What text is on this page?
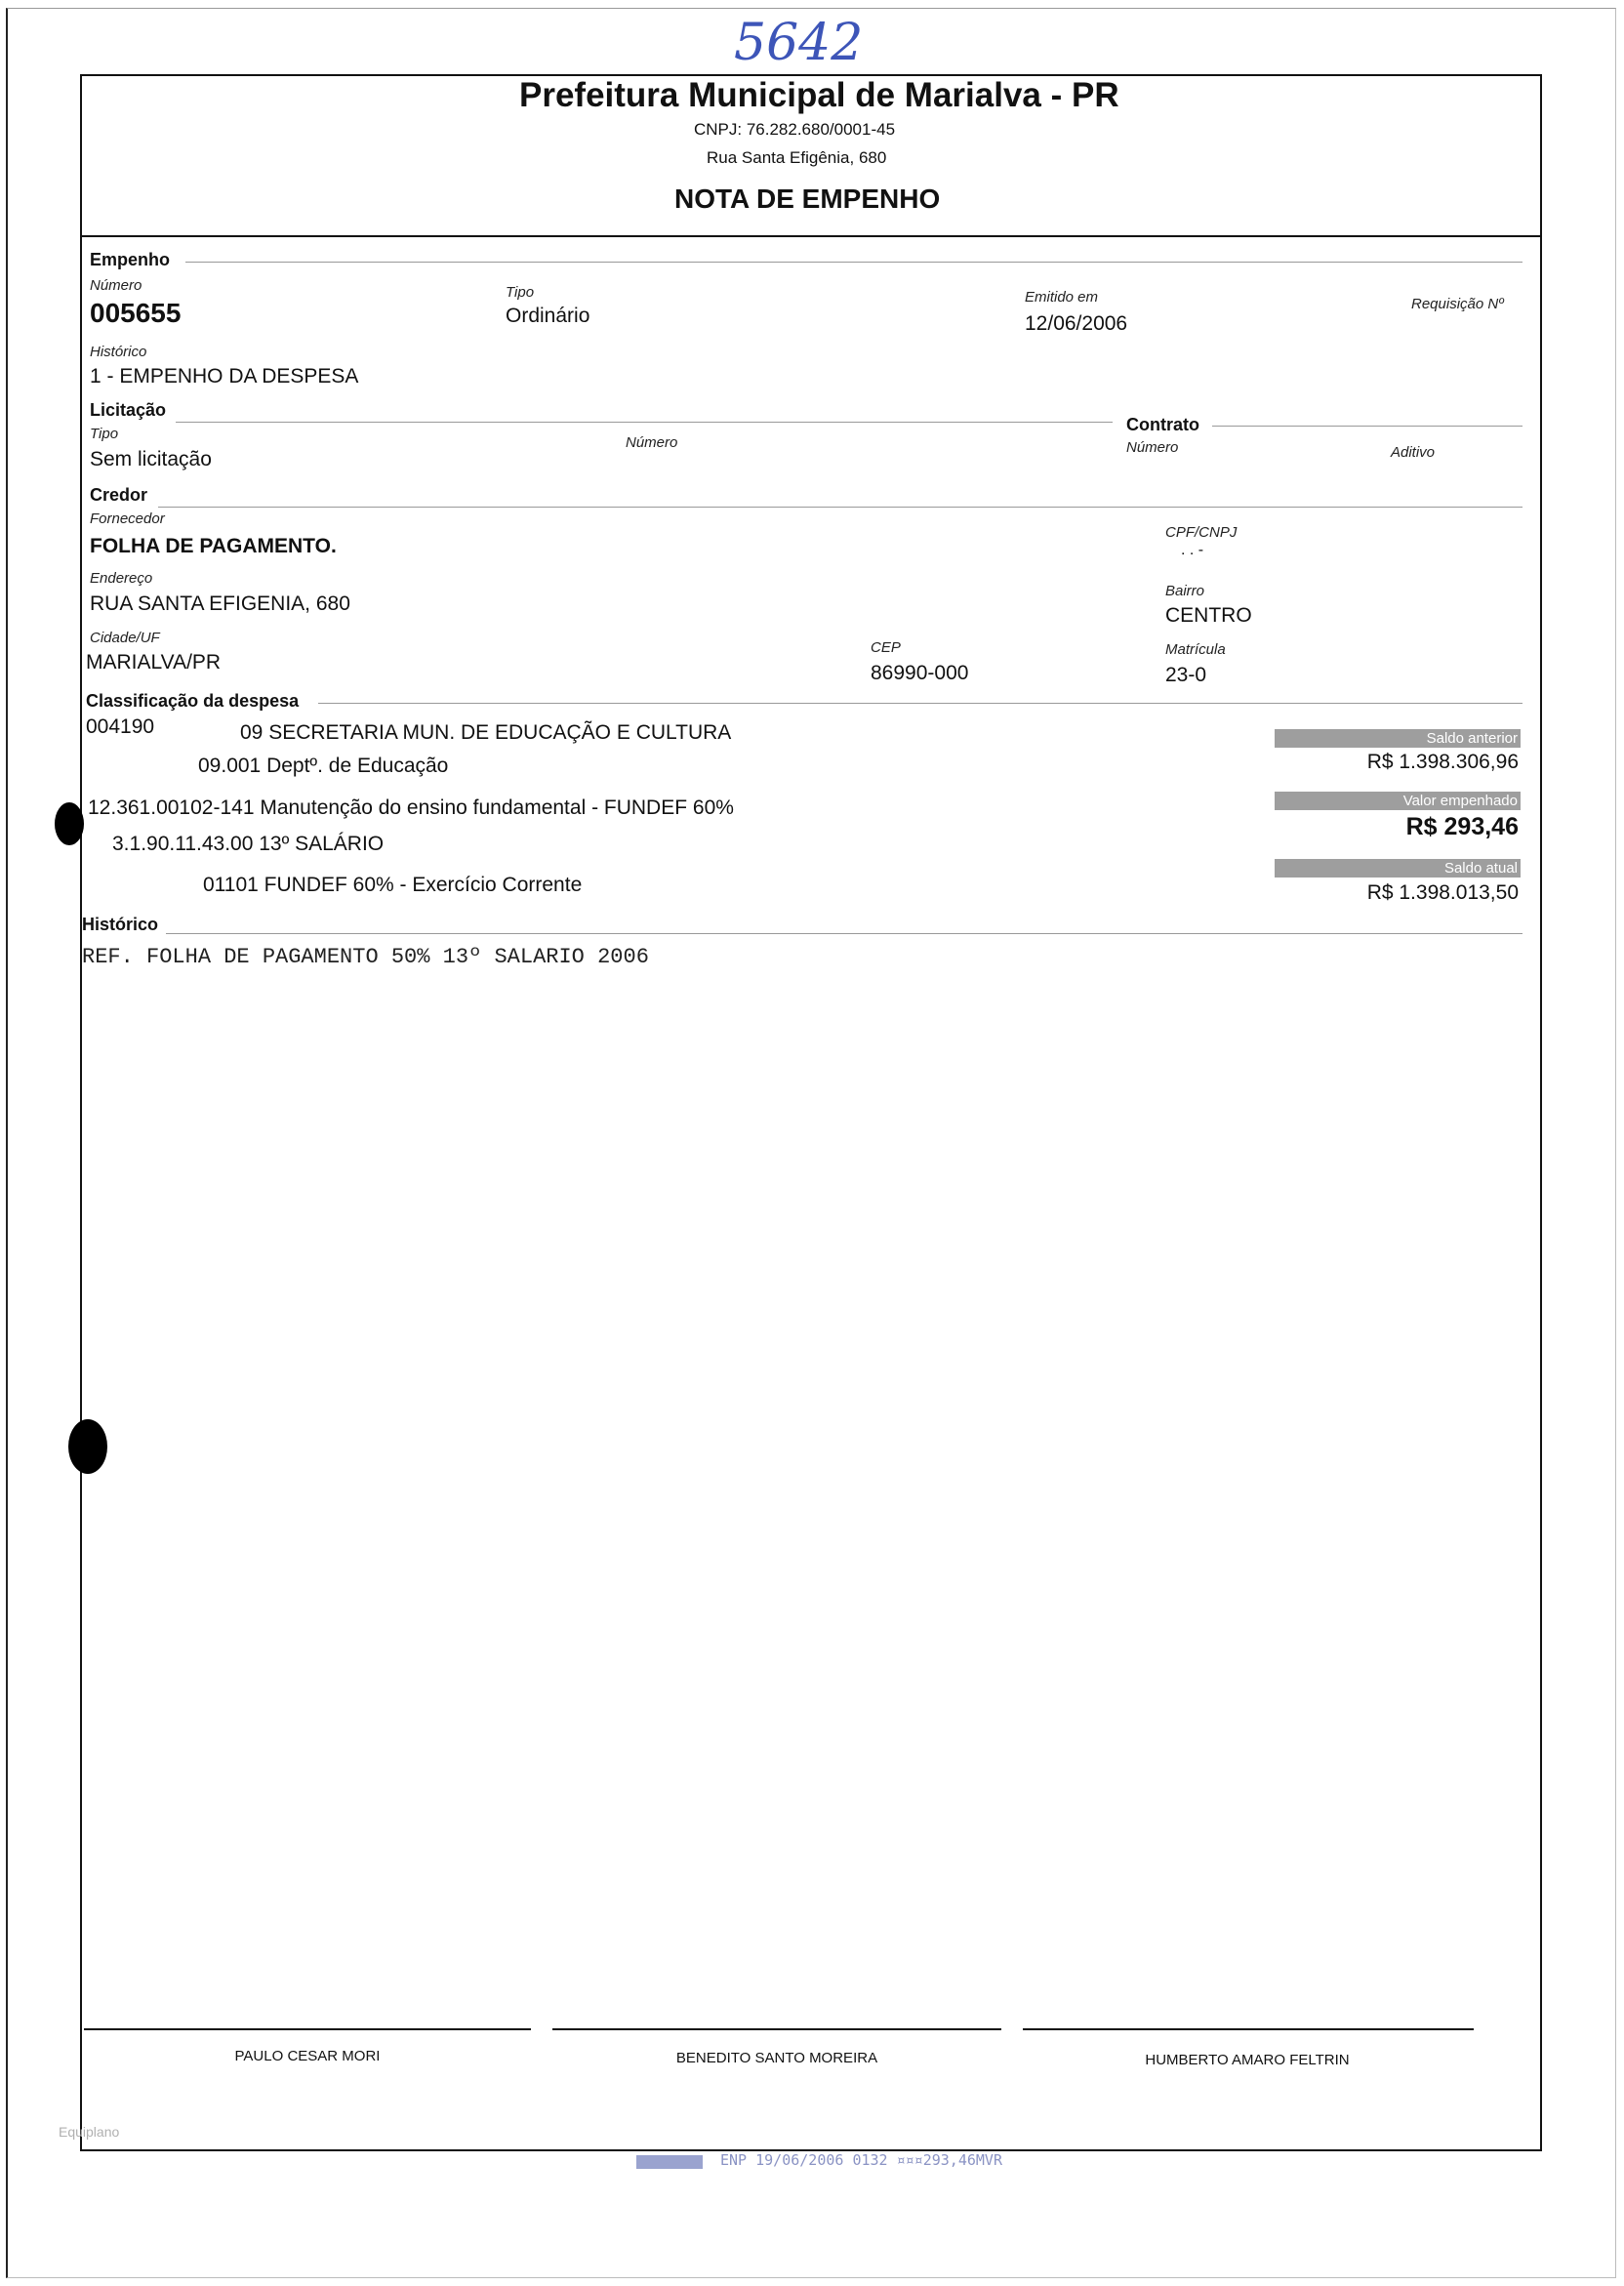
5642
Prefeitura Municipal de Marialva - PR
CNPJ: 76.282.680/0001-45
Rua Santa Efigênia, 680
NOTA DE EMPENHO
Empenho
Número
005655
Tipo
Ordinário
Emitido em
12/06/2006
Requisição Nº
Histórico
1 - EMPENHO DA DESPESA
Licitação
Tipo
Sem licitação
Número
Contrato
Número	Aditivo
Credor
Fornecedor
FOLHA DE PAGAMENTO.
CPF/CNPJ
. . -
Endereço
RUA SANTA EFIGENIA, 680
Bairro
CENTRO
Cidade/UF
MARIALVA/PR
CEP
86990-000
Matrícula
23-0
Classificação da despesa
004190	09 SECRETARIA MUN. DE EDUCAÇÃO E CULTURA
09.001 Deptº. de Educação
12.361.00102-141 Manutenção do ensino fundamental - FUNDEF 60%
3.1.90.11.43.00 13º SALÁRIO
01101 FUNDEF 60% - Exercício Corrente
Saldo anterior
R$ 1.398.306,96
Valor empenhado
R$ 293,46
Saldo atual
R$ 1.398.013,50
Histórico
REF. FOLHA DE PAGAMENTO 50% 13º SALARIO 2006
PAULO CESAR MORI	BENEDITO SANTO MOREIRA	HUMBERTO AMARO FELTRIN
Equiplano
ENP 19/06/2006 0132 ¤¤¤293,46MVR
